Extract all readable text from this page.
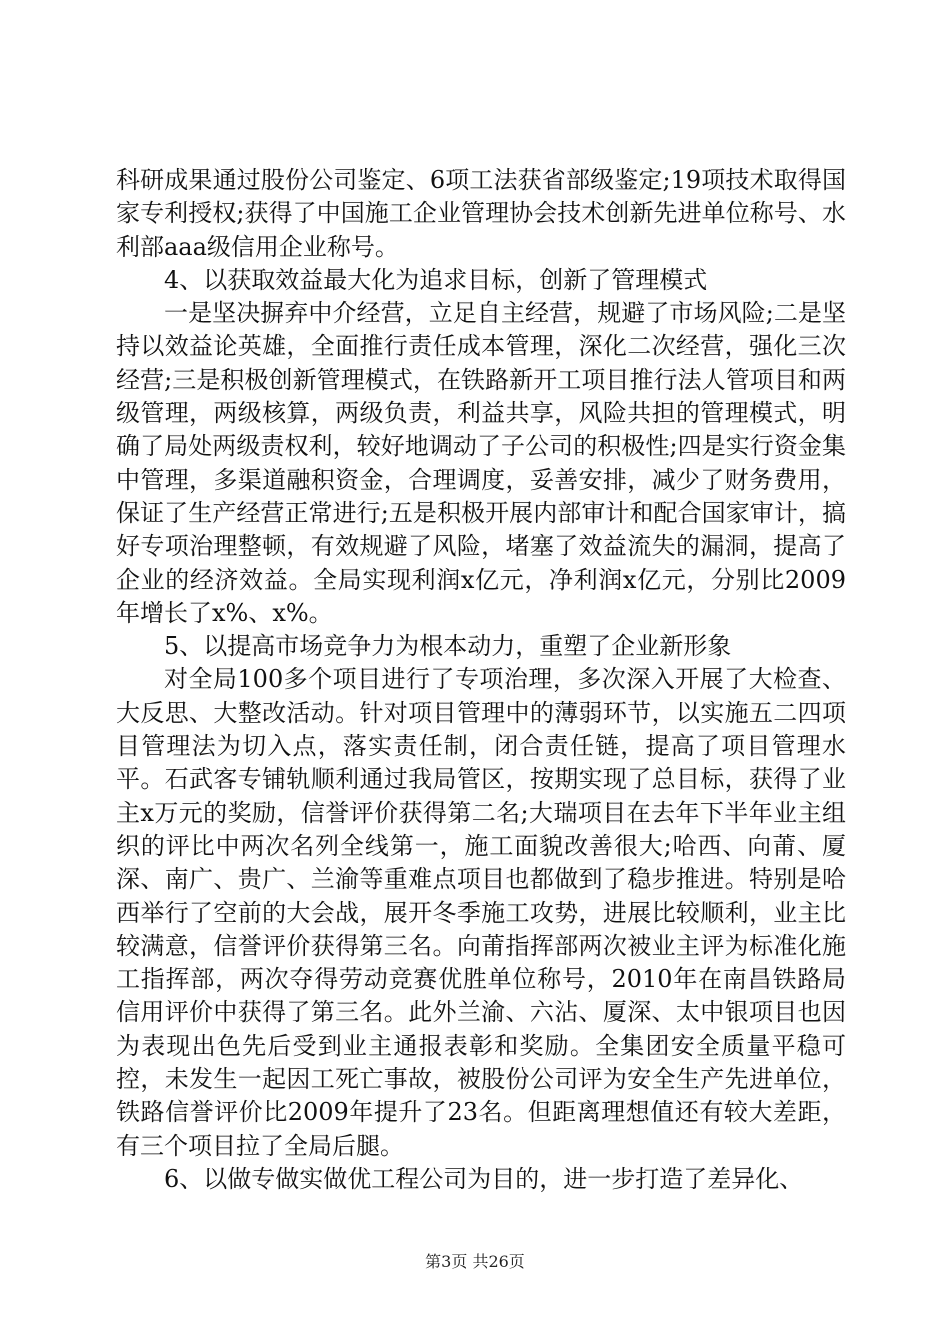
科研成果通过股份公司鉴定、6项工法获省部级鉴定;19项技术取得国家专利授权;获得了中国施工企业管理协会技术创新先进单位称号、水利部aaa级信用企业称号。

4、以获取效益最大化为追求目标，创新了管理模式

一是坚决摒弃中介经营，立足自主经营，规避了市场风险;二是坚持以效益论英雄，全面推行责任成本管理，深化二次经营，强化三次经营;三是积极创新管理模式，在铁路新开工项目推行法人管项目和两级管理，两级核算，两级负责，利益共享，风险共担的管理模式，明确了局处两级责权利，较好地调动了子公司的积极性;四是实行资金集中管理，多渠道融积资金，合理调度，妥善安排，减少了财务费用，保证了生产经营正常进行;五是积极开展内部审计和配合国家审计，搞好专项治理整顿，有效规避了风险，堵塞了效益流失的漏洞，提高了企业的经济效益。全局实现利润x亿元，净利润x亿元，分别比2009年增长了x%、x%。

5、以提高市场竞争力为根本动力，重塑了企业新形象

对全局100多个项目进行了专项治理，多次深入开展了大检查、大反思、大整改活动。针对项目管理中的薄弱环节，以实施五二四项目管理法为切入点，落实责任制，闭合责任链，提高了项目管理水平。石武客专铺轨顺利通过我局管区，按期实现了总目标，获得了业主x万元的奖励，信誉评价获得第二名;大瑞项目在去年下半年业主组织的评比中两次名列全线第一，施工面貌改善很大;哈西、向莆、厦深、南广、贵广、兰渝等重难点项目也都做到了稳步推进。特别是哈西举行了空前的大会战，展开冬季施工攻势，进展比较顺利，业主比较满意，信誉评价获得第三名。向莆指挥部两次被业主评为标准化施工指挥部，两次夺得劳动竞赛优胜单位称号，2010年在南昌铁路局信用评价中获得了第三名。此外兰渝、六沾、厦深、太中银项目也因为表现出色先后受到业主通报表彰和奖励。全集团安全质量平稳可控，未发生一起因工死亡事故，被股份公司评为安全生产先进单位，铁路信誉评价比2009年提升了23名。但距离理想值还有较大差距，有三个项目拉了全局后腿。

6、以做专做实做优工程公司为目的，进一步打造了差异化、

第3页 共26页
